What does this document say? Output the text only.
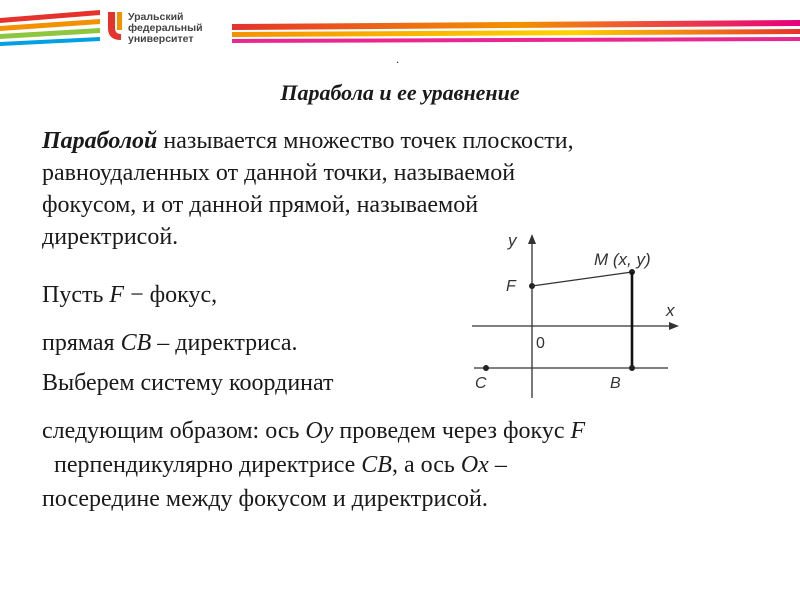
Уральский
федеральный
университет
.
Парабола и ее уравнение
Параболой называется множество точек плоскости,
равноудаленных от данной точки, называемой
фокусом, и от данной прямой, называемой
директрисой.
Пусть F − фокус,
прямая CB – директриса.
Выберем систему координат
следующим образом: ось Oy проведем через фокус F
перпендикулярно директрисе CB, а ось Ox –
посередине между фокусом и директрисой.
y
x
0
C
F
M (x, y)
B
